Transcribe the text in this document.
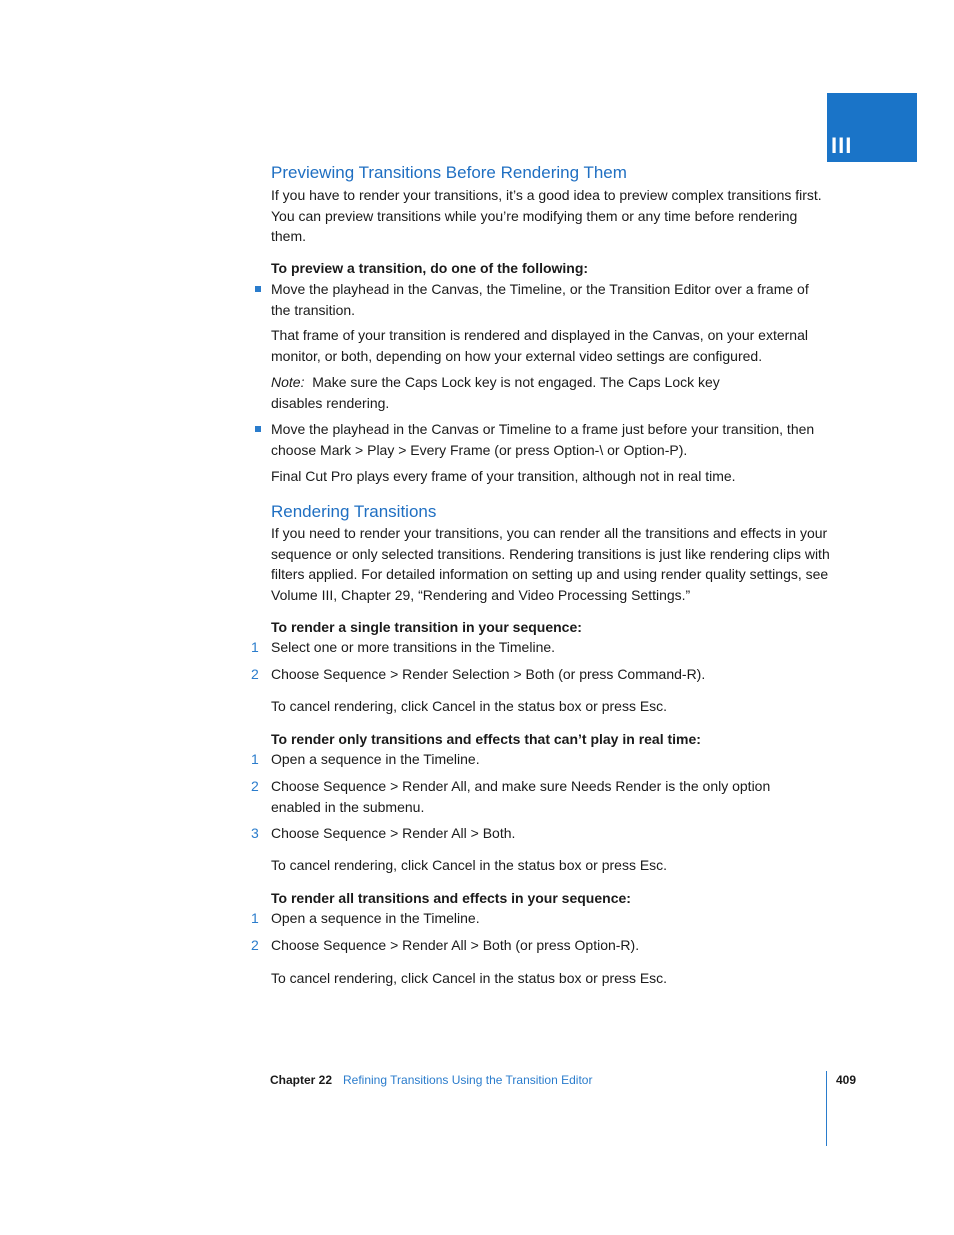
III
Previewing Transitions Before Rendering Them

If you have to render your transitions, it’s a good idea to preview complex transitions first. You can preview transitions while you’re modifying them or any time before rendering them.

To preview a transition, do one of the following:

Move the playhead in the Canvas, the Timeline, or the Transition Editor over a frame of the transition.

That frame of your transition is rendered and displayed in the Canvas, on your external monitor, or both, depending on how your external video settings are configured.

Note: Make sure the Caps Lock key is not engaged. The Caps Lock key disables rendering.

Move the playhead in the Canvas or Timeline to a frame just before your transition, then choose Mark > Play > Every Frame (or press Option-\ or Option-P).

Final Cut Pro plays every frame of your transition, although not in real time.

Rendering Transitions

If you need to render your transitions, you can render all the transitions and effects in your sequence or only selected transitions. Rendering transitions is just like rendering clips with filters applied. For detailed information on setting up and using render quality settings, see Volume III, Chapter 29, “Rendering and Video Processing Settings.”

To render a single transition in your sequence:

1 Select one or more transitions in the Timeline.

2 Choose Sequence > Render Selection > Both (or press Command-R).

To cancel rendering, click Cancel in the status box or press Esc.

To render only transitions and effects that can’t play in real time:

1 Open a sequence in the Timeline.

2 Choose Sequence > Render All, and make sure Needs Render is the only option enabled in the submenu.

3 Choose Sequence > Render All > Both.

To cancel rendering, click Cancel in the status box or press Esc.

To render all transitions and effects in your sequence:

1 Open a sequence in the Timeline.

2 Choose Sequence > Render All > Both (or press Option-R).

To cancel rendering, click Cancel in the status box or press Esc.

Chapter 22 Refining Transitions Using the Transition Editor	409
